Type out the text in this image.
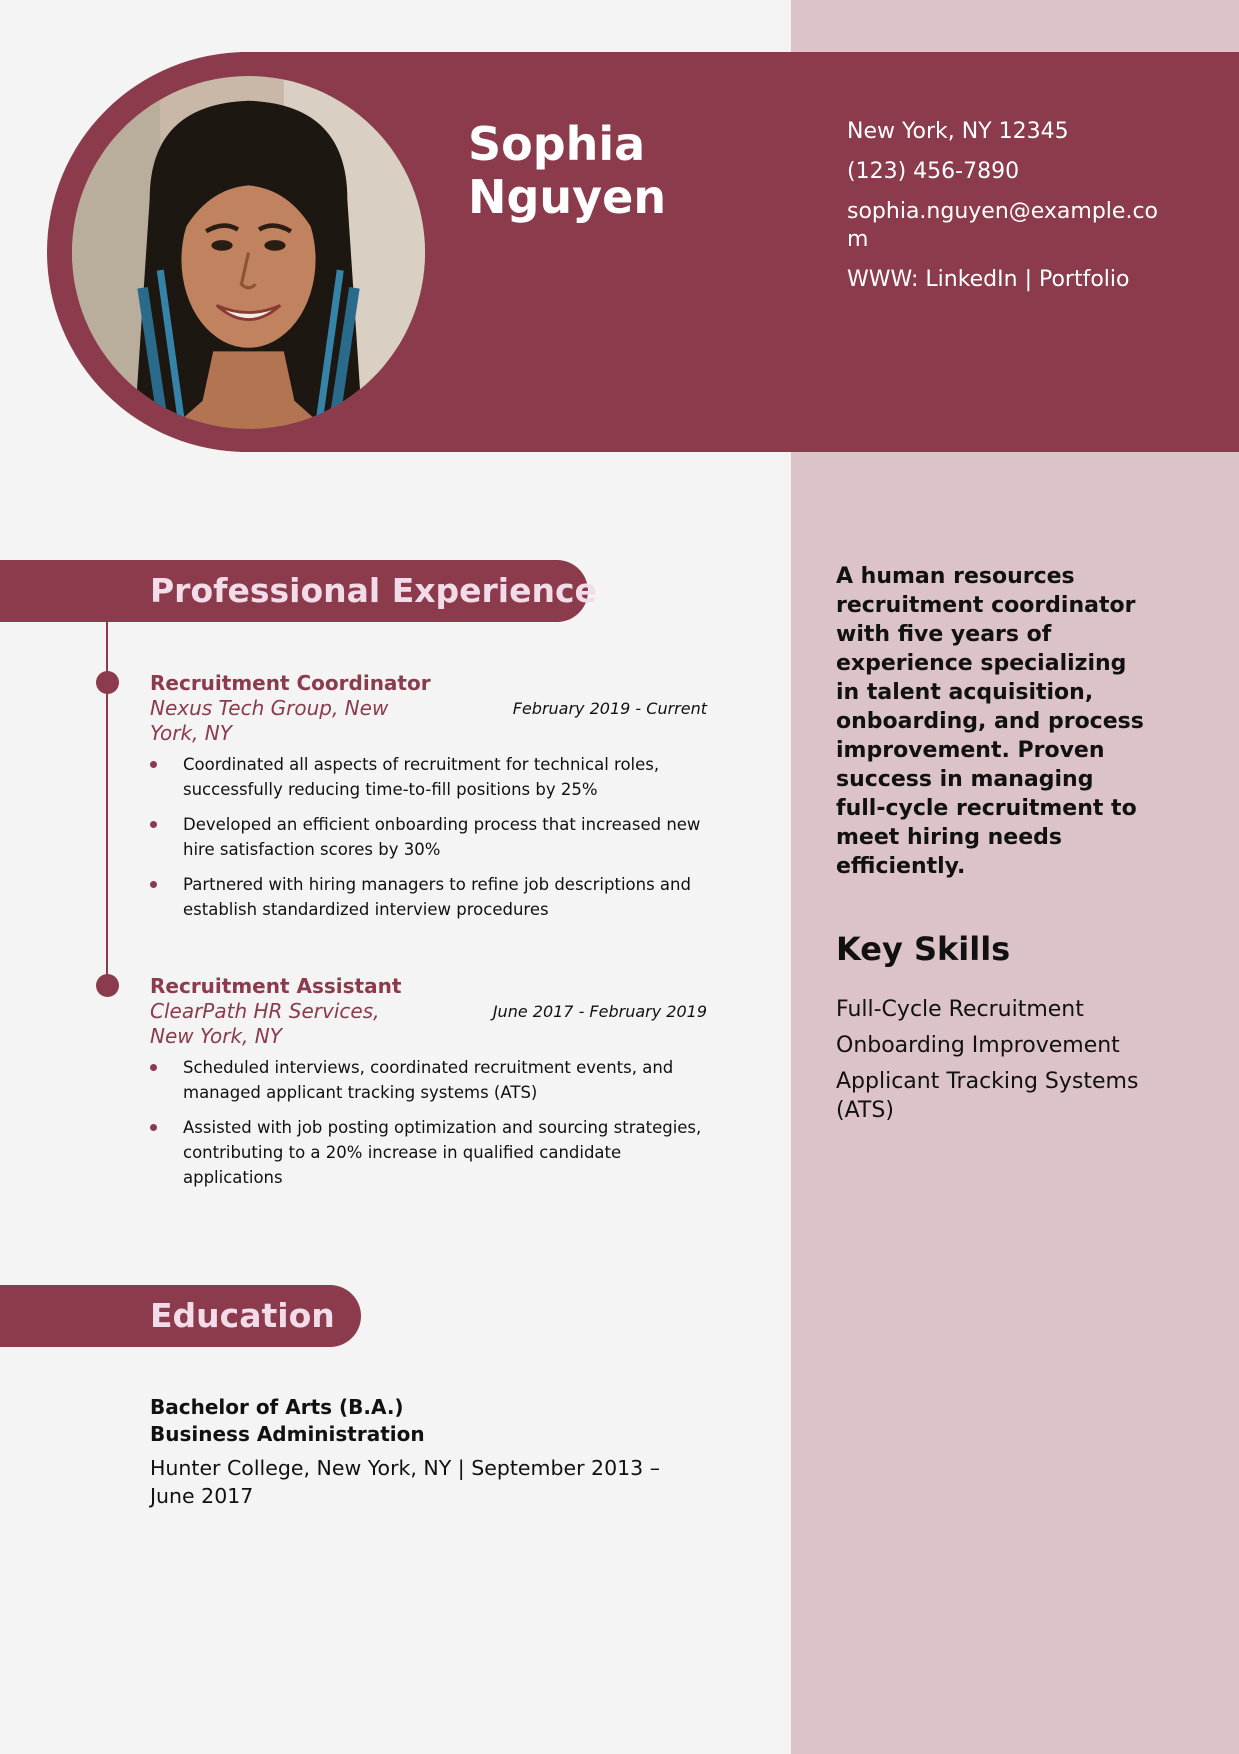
Sophia
Nguyen
New York, NY 12345
(123) 456-7890
sophia.nguyen@example.com
WWW: LinkedIn | Portfolio
Professional Experience
Recruitment Coordinator
Nexus Tech Group, New York, NY
February 2019 - Current
Coordinated all aspects of recruitment for technical roles, successfully reducing time-to-fill positions by 25%
Developed an efficient onboarding process that increased new hire satisfaction scores by 30%
Partnered with hiring managers to refine job descriptions and establish standardized interview procedures
Recruitment Assistant
ClearPath HR Services, New York, NY
June 2017 - February 2019
Scheduled interviews, coordinated recruitment events, and managed applicant tracking systems (ATS)
Assisted with job posting optimization and sourcing strategies, contributing to a 20% increase in qualified candidate applications
Education
Bachelor of Arts (B.A.)
Business Administration
Hunter College, New York, NY | September 2013 – June 2017
A human resources recruitment coordinator with five years of experience specializing in talent acquisition, onboarding, and process improvement. Proven success in managing full-cycle recruitment to meet hiring needs efficiently.
Key Skills
Full-Cycle Recruitment
Onboarding Improvement
Applicant Tracking Systems (ATS)
